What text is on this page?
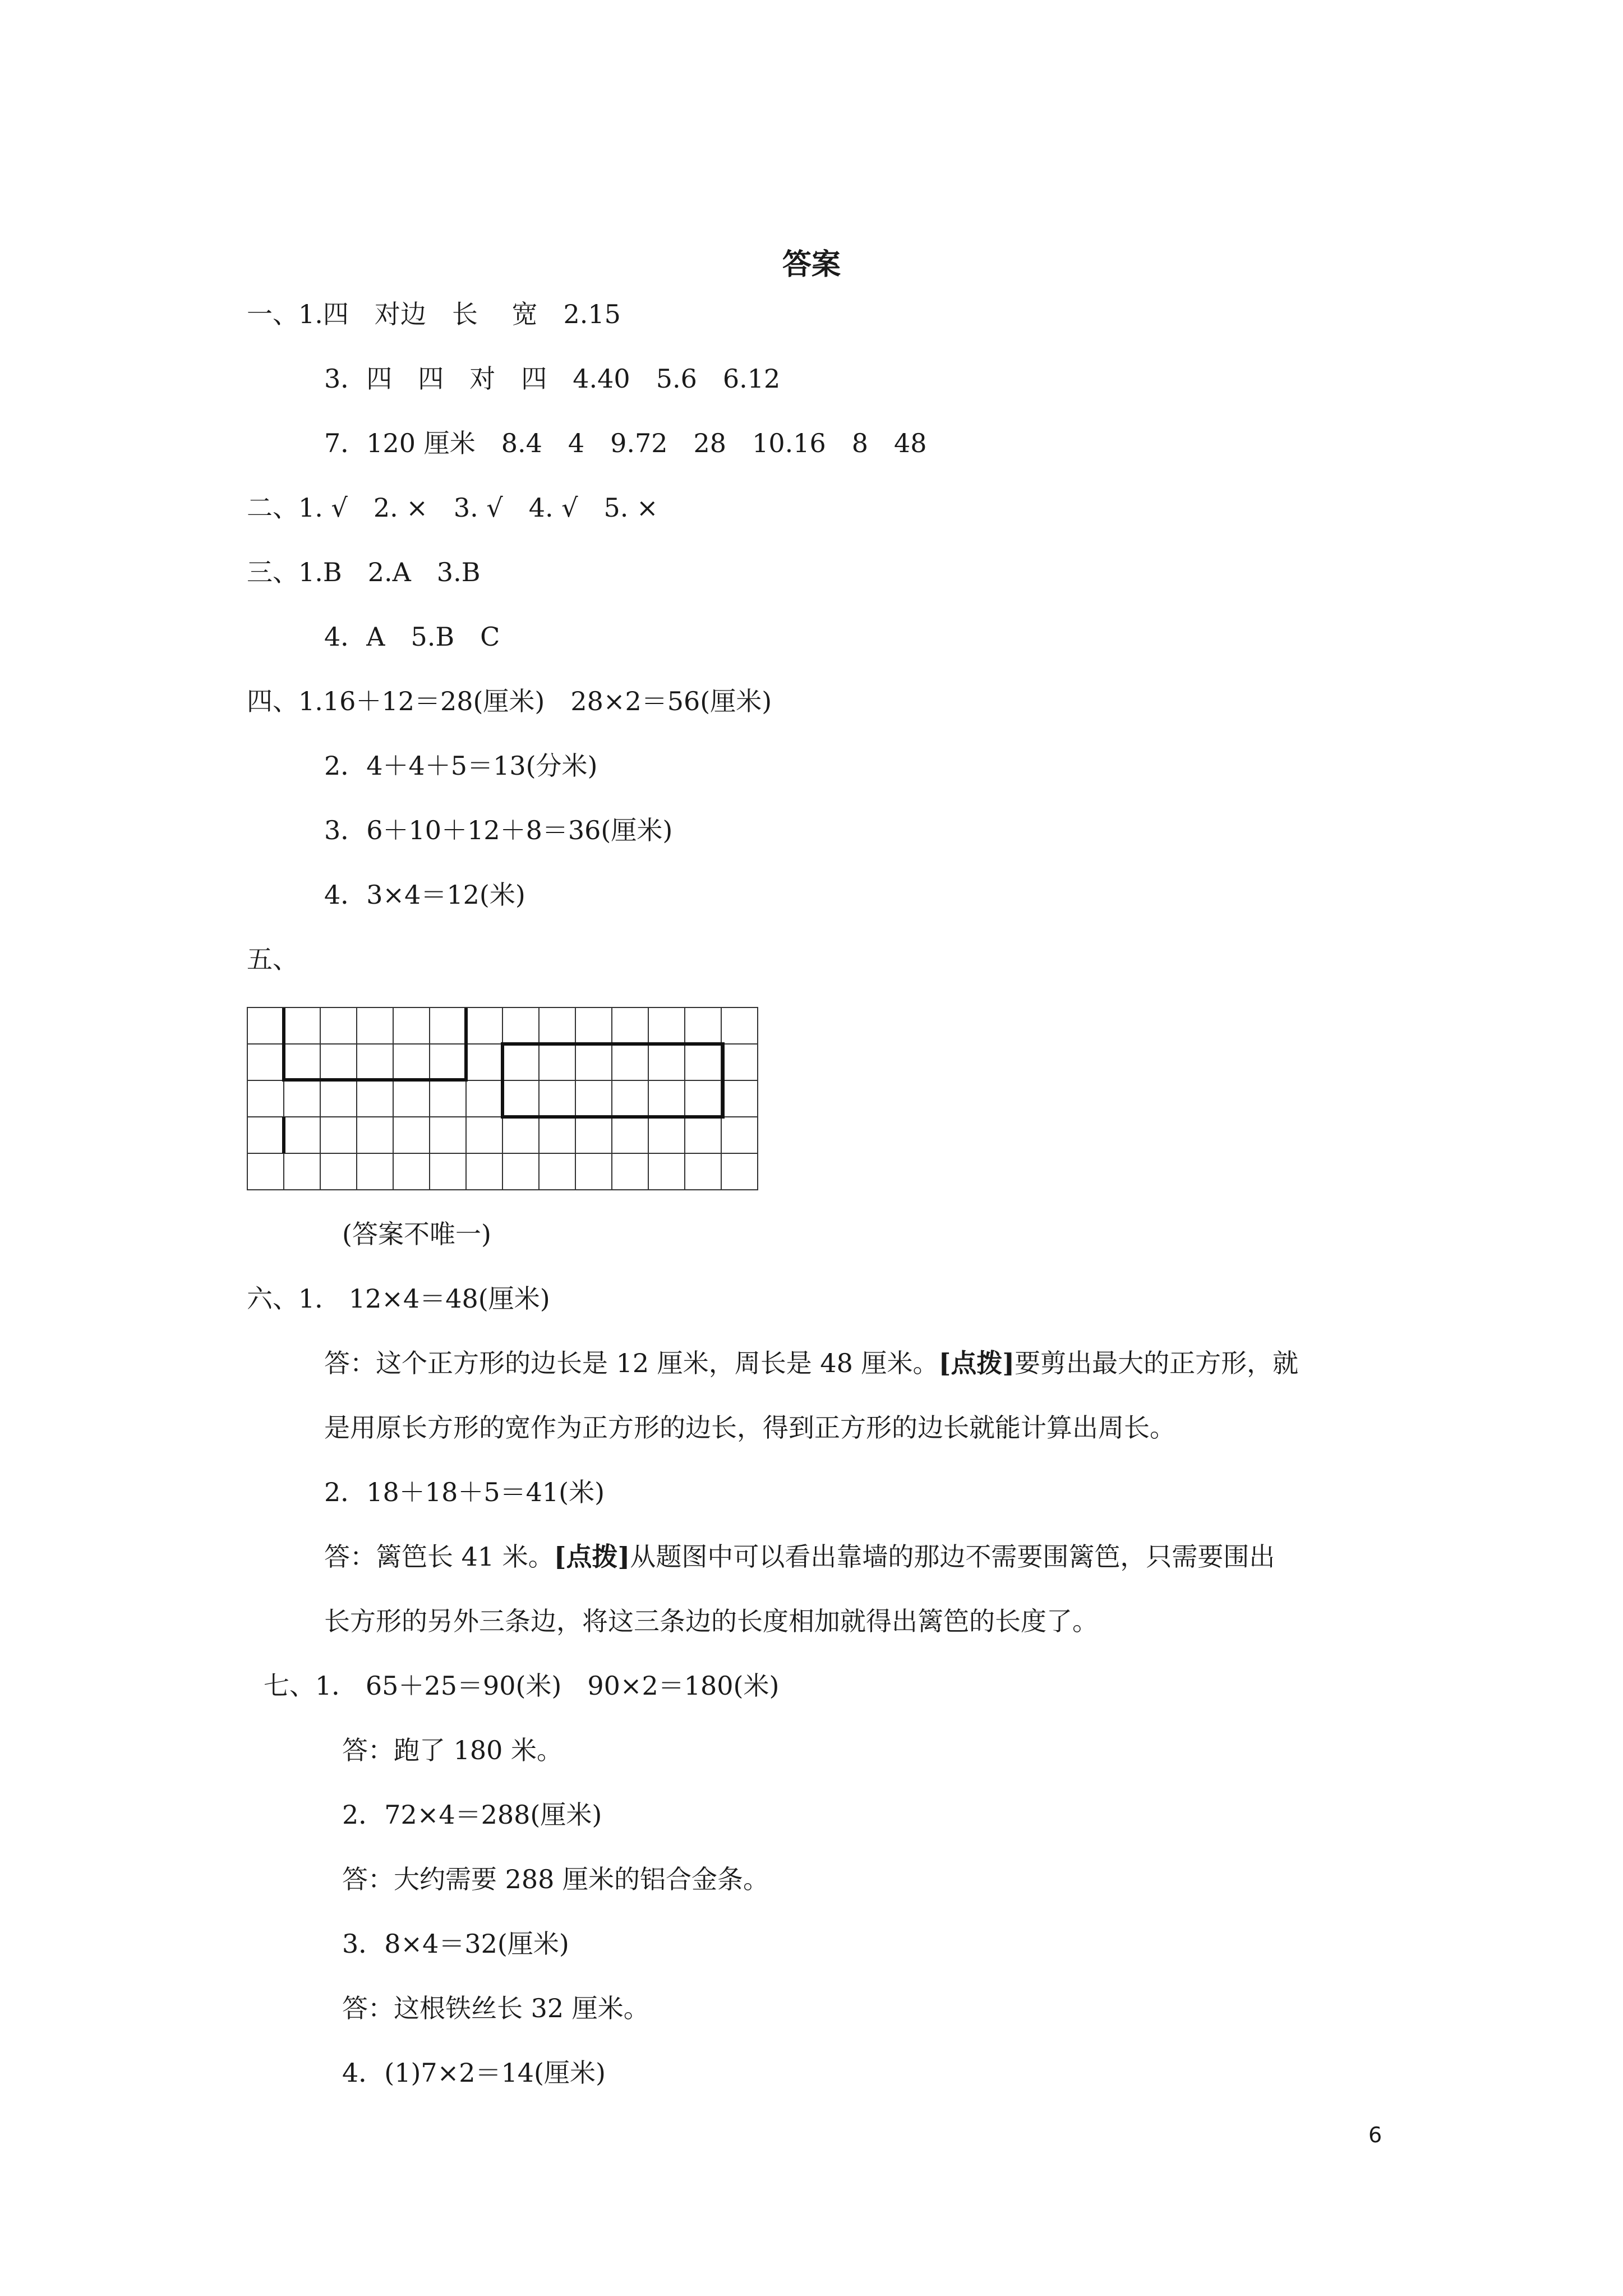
答案
一、1.四　对边　长　 宽　2.15
3．四　四　对　四　4.40　5.6　6.12
7．120 厘米　8.4　4　9.72　28　10.16　8　48
二、1. √　2. ×　3. √　4. √　5. ×
三、1.B　2.A　3.B
4．A　5.B　C
四、1.16＋12＝28(厘米)　28×2＝56(厘米)
2．4＋4＋5＝13(分米)
3．6＋10＋12＋8＝36(厘米)
4．3×4＝12(米)
五、
(答案不唯一)
六、1． 12×4＝48(厘米)
答：这个正方形的边长是 12 厘米，周长是 48 厘米。[点拨]要剪出最大的正方形，就
是用原长方形的宽作为正方形的边长，得到正方形的边长就能计算出周长。
2．18＋18＋5＝41(米)
答：篱笆长 41 米。[点拨]从题图中可以看出靠墙的那边不需要围篱笆，只需要围出
长方形的另外三条边，将这三条边的长度相加就得出篱笆的长度了。
七、1． 65＋25＝90(米)　90×2＝180(米)
答：跑了 180 米。
2．72×4＝288(厘米)
答：大约需要 288 厘米的铝合金条。
3．8×4＝32(厘米)
答：这根铁丝长 32 厘米。
4．(1)7×2＝14(厘米)
6
